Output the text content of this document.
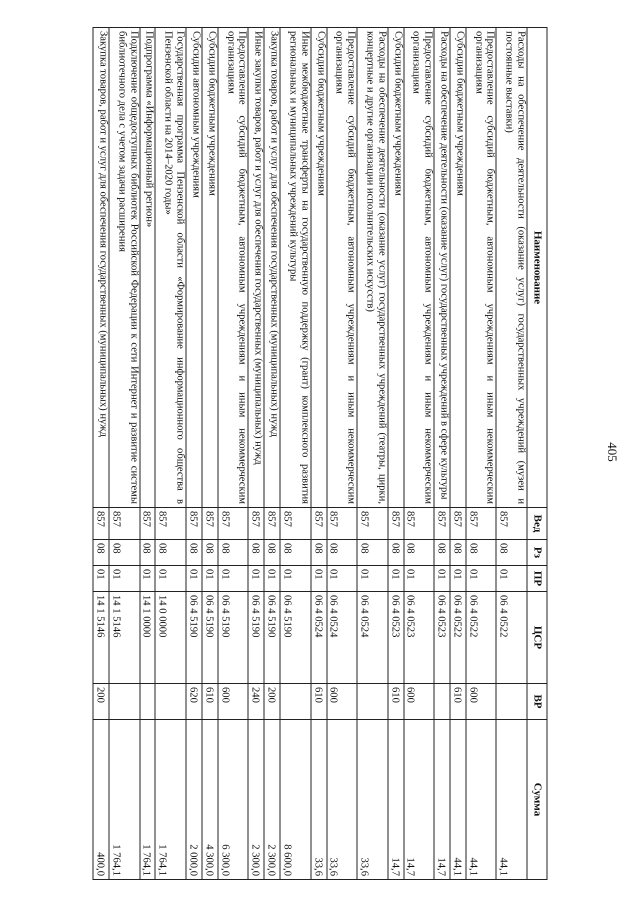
405
Наименование	Вед	Рз	ПР	ЦСР	ВР	Сумма
Расходы на обеспечение деятельности (оказание услуг) государственных учреждений (музеи и постоянные выставки)	857	08	01	06 4 0522		44,1
Предоставление субсидий бюджетным, автономным учреждениям и иным некоммерческим организациям	857	08	01	06 4 0522	600	44,1
Субсидии бюджетным учреждениям	857	08	01	06 4 0522	610	44,1
Расходы на обеспечение деятельности (оказание услуг) государственных учреждений в сфере культуры	857	08	01	06 4 0523		14,7
Предоставление субсидий бюджетным, автономным учреждениям и иным некоммерческим организациям	857	08	01	06 4 0523	600	14,7
Субсидии бюджетным учреждениям	857	08	01	06 4 0523	610	14,7
Расходы на обеспечение деятельности (оказание услуг) государственных учреждений (театры, цирки, концертные и другие организации исполнительских искусств)	857	08	01	06 4 0524		33,6
Предоставление субсидий бюджетным, автономным учреждениям и иным некоммерческим организациям	857	08	01	06 4 0524	600	33,6
Субсидии бюджетным учреждениям	857	08	01	06 4 0524	610	33,6
Иные межбюджетные трансферты на государственную поддержку (грант) комплексного развития региональных и муниципальных учреждений культуры	857	08	01	06 4 5190		8 600,0
Закупка товаров, работ и услуг для обеспечения государственных (муниципальных) нужд	857	08	01	06 4 5190	200	2 300,0
Иные закупки товаров, работ и услуг для обеспечения государственных (муниципальных) нужд	857	08	01	06 4 5190	240	2 300,0
Предоставление субсидий бюджетным, автономным учреждениям и иным некоммерческим организациям	857	08	01	06 4 5190	600	6 300,0
Субсидии бюджетным учреждениям	857	08	01	06 4 5190	610	4 300,0
Субсидии автономным учреждениям	857	08	01	06 4 5190	620	2 000,0
Государственная программа Пензенской области «Формирование информационного общества в Пензенской области на 2014–2020 годы»	857	08	01	14 0 0000		1 764,1
Подпрограмма «Информационный регион»	857	08	01	14 1 0000		1 764,1
Подключение общедоступных библиотек Российской Федерации к сети Интернет и развитие системы библиотечного дела с учетом задачи расширения	857	08	01	14 1 5146		1 764,1
Закупка товаров, работ и услуг для обеспечения государственных (муниципальных) нужд	857	08	01	14 1 5146	200	400,0
